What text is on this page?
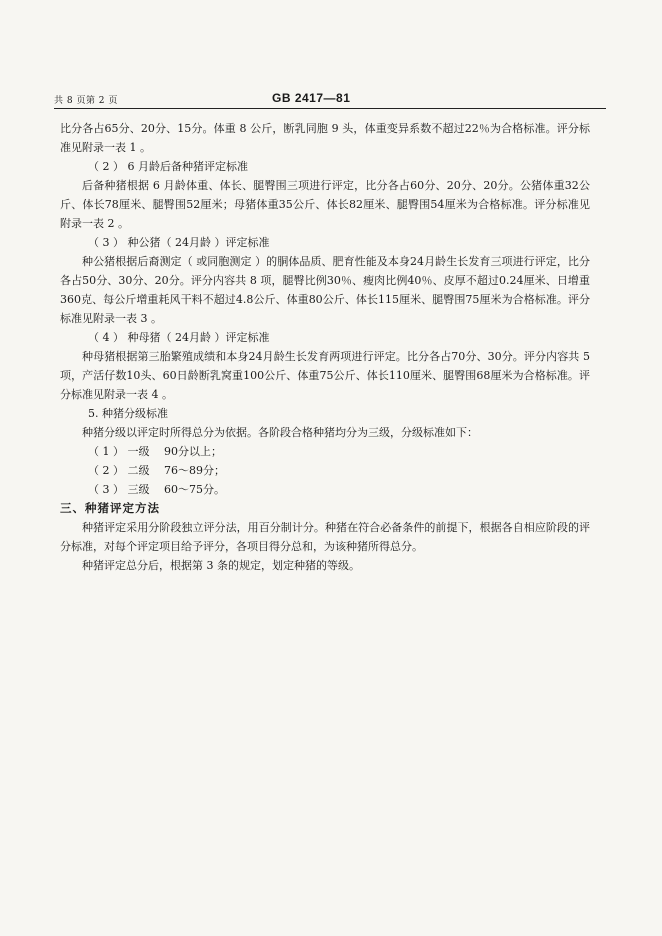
共 8 页第 2 页	GB 2417—81

比分各占65分、20分、15分。体重 8 公斤，断乳同胞 9 头，体重变异系数不超过22％为合格标准。评分标准见附录一表 1 。

（ 2 ） 6 月龄后备种猪评定标准

后备种猪根据 6 月龄体重、体长、腿臀围三项进行评定，比分各占60分、20分、20分。公猪体重32公斤、体长78厘米、腿臀围52厘米；母猪体重35公斤、体长82厘米、腿臀围54厘米为合格标准。评分标准见附录一表 2 。

（ 3 ） 种公猪（ 24月龄 ）评定标准

种公猪根据后裔测定（ 或同胞测定 ）的胴体品质、肥育性能及本身24月龄生长发育三项进行评定，比分各占50分、30分、20分。评分内容共 8 项，腿臀比例30％、瘦肉比例40％、皮厚不超过0.24厘米、日增重360克、每公斤增重耗风干料不超过4.8公斤、体重80公斤、体长115厘米、腿臀围75厘米为合格标准。评分标准见附录一表 3 。

（ 4 ） 种母猪（ 24月龄 ）评定标准

种母猪根据第三胎繁殖成绩和本身24月龄生长发育两项进行评定。比分各占70分、30分。评分内容共 5 项，产活仔数10头、60日龄断乳窝重100公斤、体重75公斤、体长110厘米、腿臀围68厘米为合格标准。评分标准见附录一表 4 。

5. 种猪分级标准

种猪分级以评定时所得总分为依据。各阶段合格种猪均分为三级，分级标准如下：

（ 1 ） 一级　 90分以上；

（ 2 ） 二级　 76～89分；

（ 3 ） 三级　 60～75分。

三、种猪评定方法

种猪评定采用分阶段独立评分法，用百分制计分。种猪在符合必备条件的前提下，根据各自相应阶段的评分标准，对每个评定项目给予评分，各项目得分总和，为该种猪所得总分。

种猪评定总分后，根据第 3 条的规定，划定种猪的等级。
